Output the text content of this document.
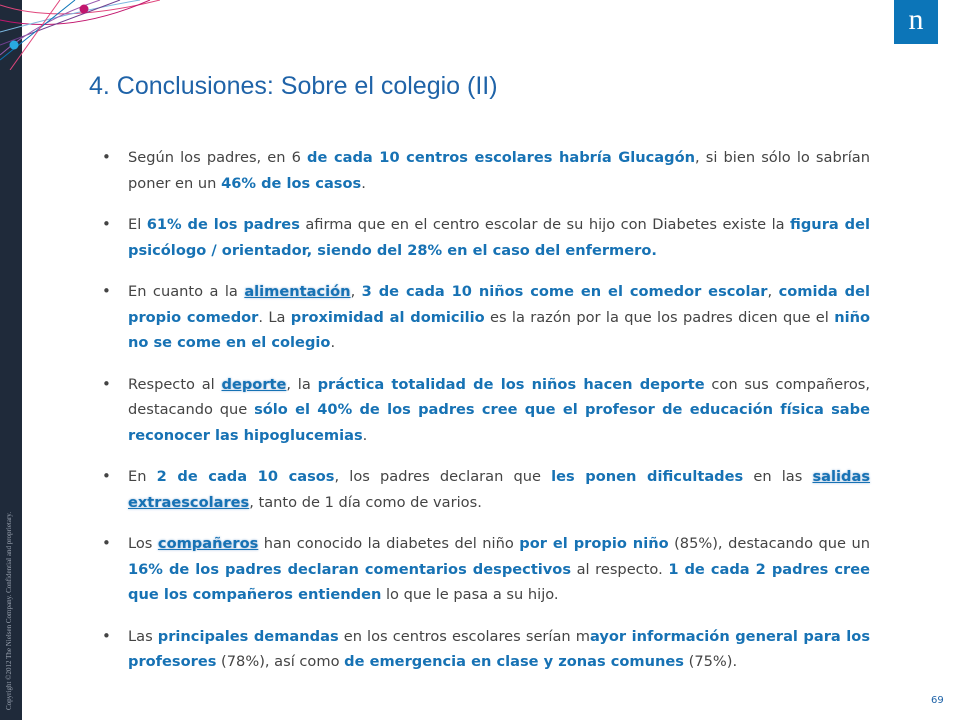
Copyright ©2012 The Nielsen Company. Confidential and proprietary.
n
4. Conclusiones: Sobre el colegio (II)
•	Según los padres, en 6 de cada 10 centros escolares habría Glucagón, si bien sólo lo sabrían poner en un 46% de los casos.
•	El 61% de los padres afirma que en el centro escolar de su hijo con Diabetes existe la figura del psicólogo / orientador, siendo del 28% en el caso del enfermero.
•	En cuanto a la alimentación, 3 de cada 10 niños come en el comedor escolar, comida del propio comedor. La proximidad al domicilio es la razón por la que los padres dicen que el niño no se come en el colegio.
•	Respecto al deporte, la práctica totalidad de los niños hacen deporte con sus compañeros, destacando que sólo el 40% de los padres cree que el profesor de educación física sabe reconocer las hipoglucemias.
•	En 2 de cada 10 casos, los padres declaran que les ponen dificultades en las salidas extraescolares, tanto de 1 día como de varios.
•	Los compañeros han conocido la diabetes del niño por el propio niño (85%), destacando que un 16% de los padres declaran comentarios despectivos al respecto. 1 de cada 2 padres cree que los compañeros entienden lo que le pasa a su hijo.
•	Las principales demandas en los centros escolares serían mayor información general para los profesores (78%), así como de emergencia en clase y zonas comunes (75%).
69
